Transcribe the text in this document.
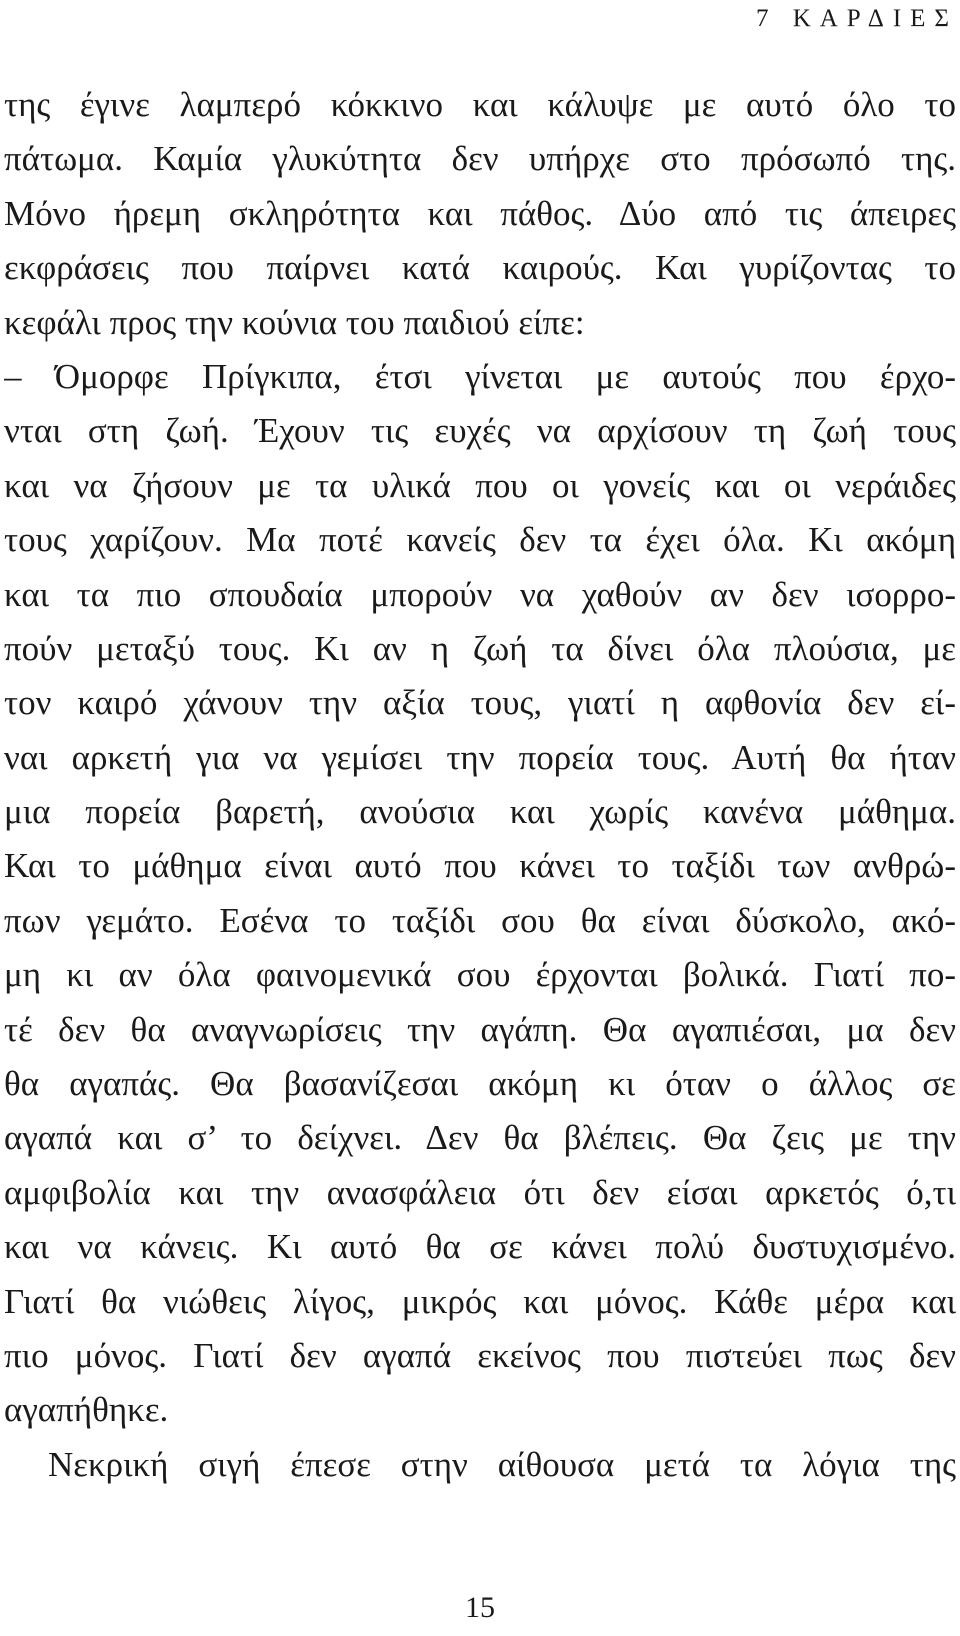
7 ΚΑΡΔΙΕΣ
της έγινε λαμπερό κόκκινο και κάλυψε με αυτό όλο το
πάτωμα. Καμία γλυκύτητα δεν υπήρχε στο πρόσωπό της.
Μόνο ήρεμη σκληρότητα και πάθος. Δύο από τις άπειρες
εκφράσεις που παίρνει κατά καιρούς. Και γυρίζοντας το
κεφάλι προς την κούνια του παιδιού είπε:
– Όμορφε Πρίγκιπα, έτσι γίνεται με αυτούς που έρχο-
νται στη ζωή. Έχουν τις ευχές να αρχίσουν τη ζωή τους
και να ζήσουν με τα υλικά που οι γονείς και οι νεράιδες
τους χαρίζουν. Μα ποτέ κανείς δεν τα έχει όλα. Κι ακόμη
και τα πιο σπουδαία μπορούν να χαθούν αν δεν ισορρο-
πούν μεταξύ τους. Κι αν η ζωή τα δίνει όλα πλούσια, με
τον καιρό χάνουν την αξία τους, γιατί η αφθονία δεν εί-
ναι αρκετή για να γεμίσει την πορεία τους. Αυτή θα ήταν
μια πορεία βαρετή, ανούσια και χωρίς κανένα μάθημα.
Και το μάθημα είναι αυτό που κάνει το ταξίδι των ανθρώ-
πων γεμάτο. Εσένα το ταξίδι σου θα είναι δύσκολο, ακό-
μη κι αν όλα φαινομενικά σου έρχονται βολικά. Γιατί πο-
τέ δεν θα αναγνωρίσεις την αγάπη. Θα αγαπιέσαι, μα δεν
θα αγαπάς. Θα βασανίζεσαι ακόμη κι όταν ο άλλος σε
αγαπά και σ’ το δείχνει. Δεν θα βλέπεις. Θα ζεις με την
αμφιβολία και την ανασφάλεια ότι δεν είσαι αρκετός ό,τι
και να κάνεις. Κι αυτό θα σε κάνει πολύ δυστυχισμένο.
Γιατί θα νιώθεις λίγος, μικρός και μόνος. Κάθε μέρα και
πιο μόνος. Γιατί δεν αγαπά εκείνος που πιστεύει πως δεν
αγαπήθηκε.
Νεκρική σιγή έπεσε στην αίθουσα μετά τα λόγια της
15
